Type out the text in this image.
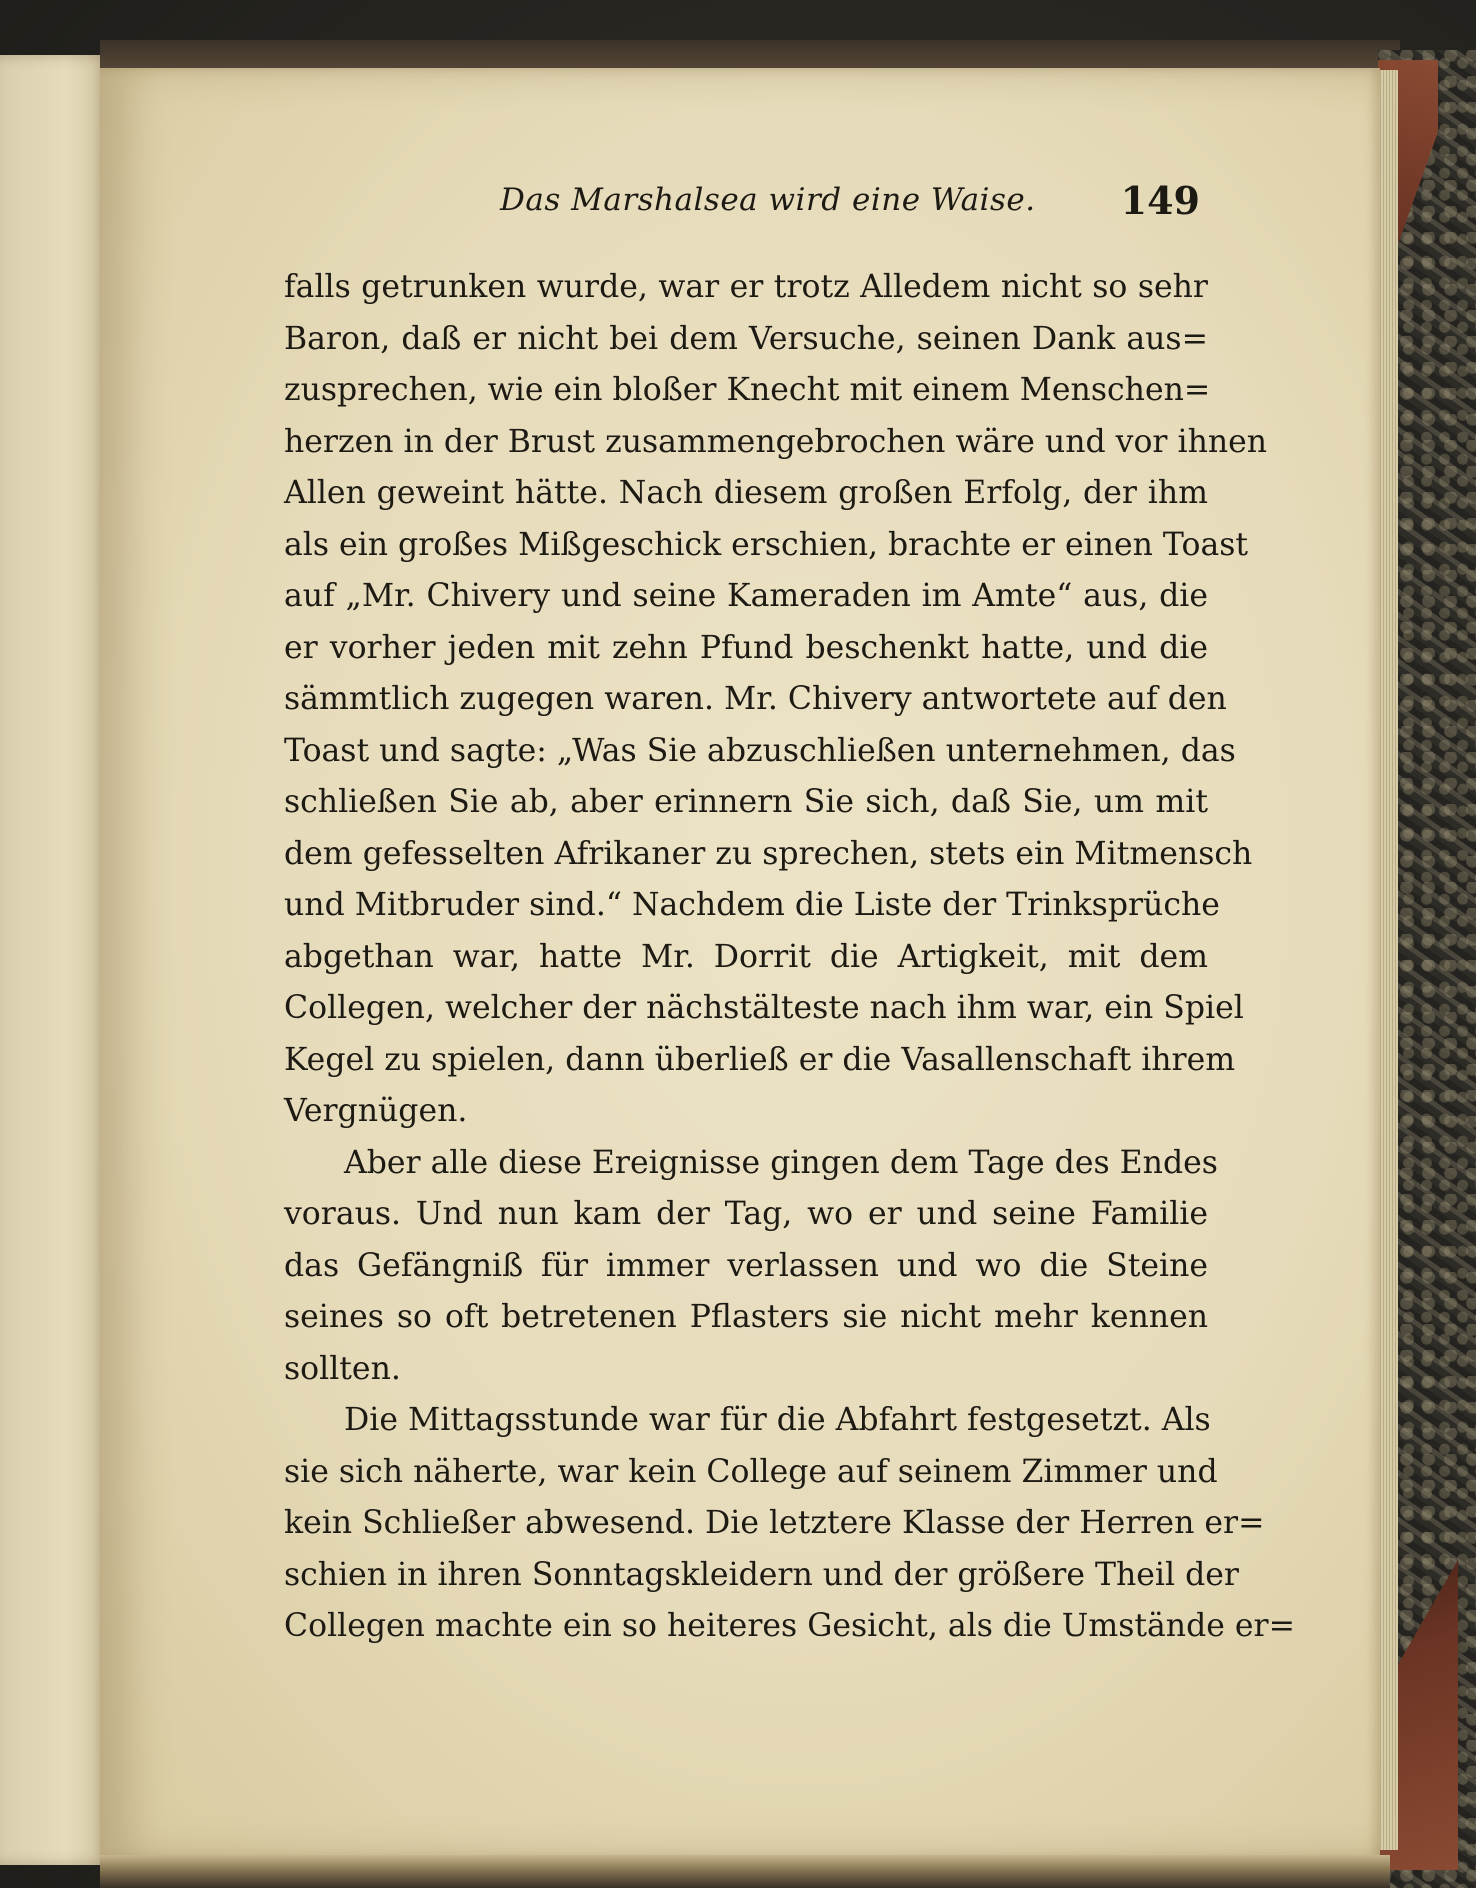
Das Marshalsea wird eine Waise. 149
falls getrunken wurde, war er trotz Alledem nicht so sehr
Baron, daß er nicht bei dem Versuche, seinen Dank aus=
zusprechen, wie ein bloßer Knecht mit einem Menschen=
herzen in der Brust zusammengebrochen wäre und vor ihnen
Allen geweint hätte. Nach diesem großen Erfolg, der ihm
als ein großes Mißgeschick erschien, brachte er einen Toast
auf „Mr. Chivery und seine Kameraden im Amte“ aus, die
er vorher jeden mit zehn Pfund beschenkt hatte, und die
sämmtlich zugegen waren. Mr. Chivery antwortete auf den
Toast und sagte: „Was Sie abzuschließen unternehmen, das
schließen Sie ab, aber erinnern Sie sich, daß Sie, um mit
dem gefesselten Afrikaner zu sprechen, stets ein Mitmensch
und Mitbruder sind.“ Nachdem die Liste der Trinksprüche
abgethan war, hatte Mr. Dorrit die Artigkeit, mit dem
Collegen, welcher der nächstälteste nach ihm war, ein Spiel
Kegel zu spielen, dann überließ er die Vasallenschaft ihrem
Vergnügen.
Aber alle diese Ereignisse gingen dem Tage des Endes
voraus. Und nun kam der Tag, wo er und seine Familie
das Gefängniß für immer verlassen und wo die Steine
seines so oft betretenen Pflasters sie nicht mehr kennen
sollten.
Die Mittagsstunde war für die Abfahrt festgesetzt. Als
sie sich näherte, war kein College auf seinem Zimmer und
kein Schließer abwesend. Die letztere Klasse der Herren er=
schien in ihren Sonntagskleidern und der größere Theil der
Collegen machte ein so heiteres Gesicht, als die Umstände er=
